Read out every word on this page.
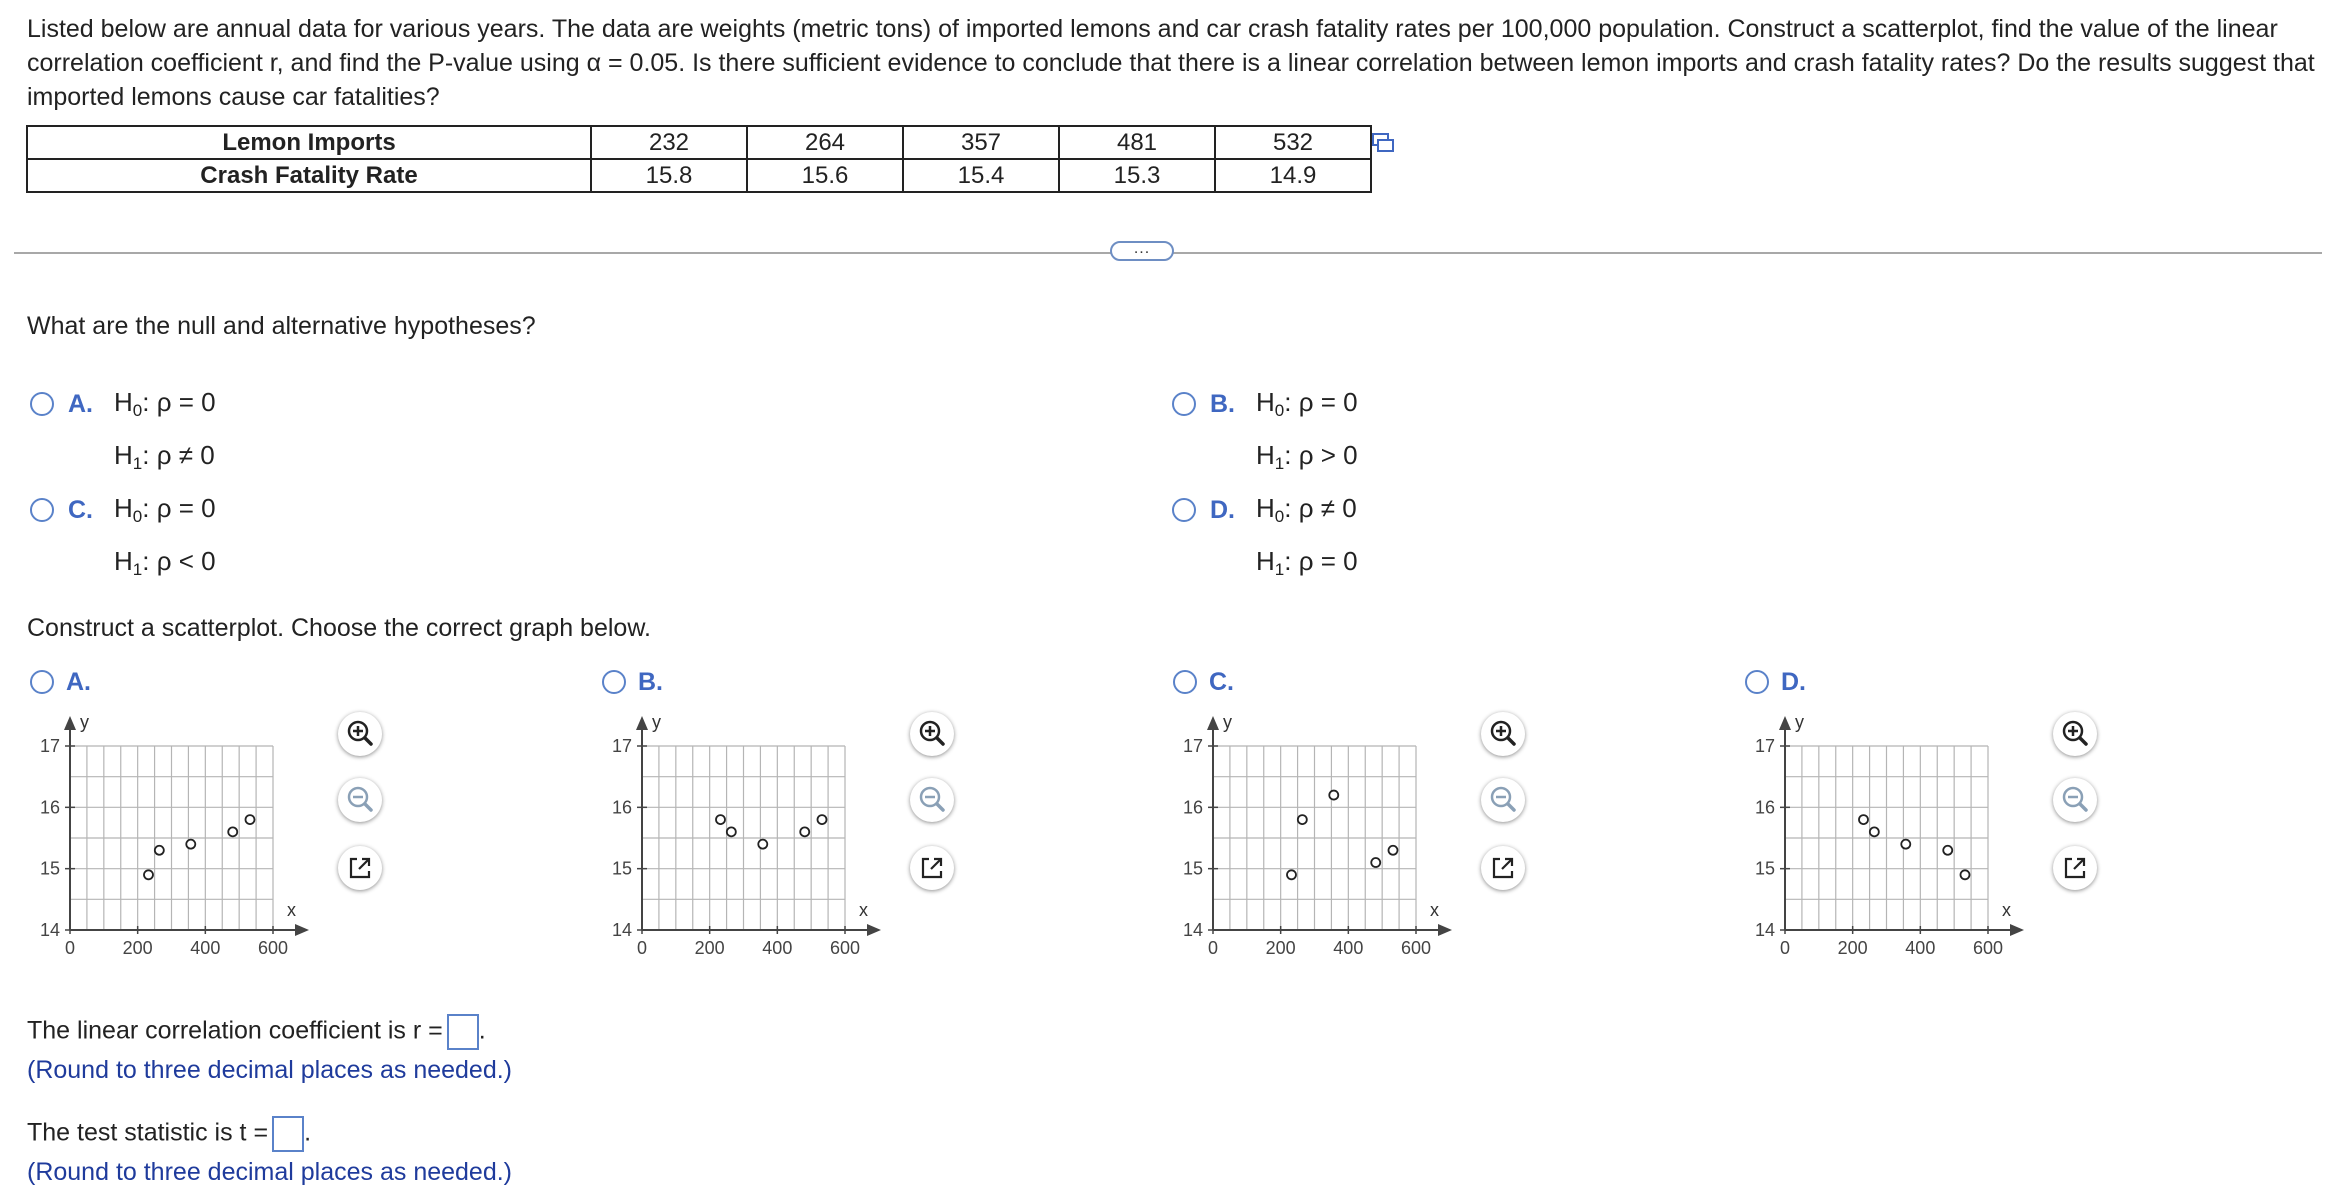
Listed below are annual data for various years. The data are weights (metric tons) of imported lemons and car crash fatality rates per 100,000 population. Construct a scatterplot, find the value of the linear correlation coefficient r, and find the P-value using α = 0.05. Is there sufficient evidence to conclude that there is a linear correlation between lemon imports and crash fatality rates? Do the results suggest that imported lemons cause car fatalities?
Lemon Imports	232	264	357	481	532
Crash Fatality Rate	15.8	15.6	15.4	15.3	14.9
...
What are the null and alternative hypotheses?
A. $H_0$: ρ = 0
$H_1$: ρ ≠ 0
B. $H_0$: ρ = 0
$H_1$: ρ > 0
C. $H_0$: ρ = 0
$H_1$: ρ < 0
D. $H_0$: ρ ≠ 0
$H_1$: ρ = 0
Construct a scatterplot. Choose the correct graph below.
A.
x
y
0	200 400 600
14
15
16
17
B.
x
y
0	200 400 600
14
15
16
17
C.
x
y
0	200 400 600
14
15
16
17
D.
x
y
0	200 400 600
14
15
16
17
The linear correlation coefficient is r = .
(Round to three decimal places as needed.)
The test statistic is t = .
(Round to three decimal places as needed.)
